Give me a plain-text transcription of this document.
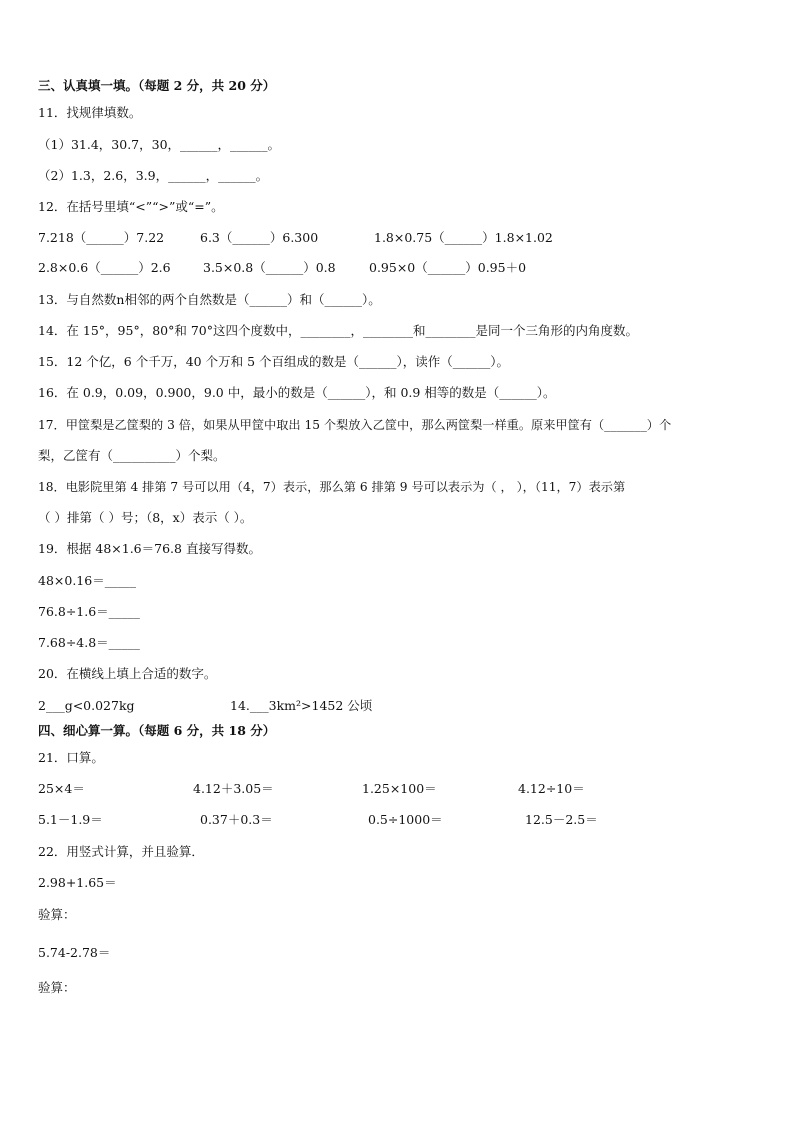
三、认真填一填。（每题 2 分，共 20 分）
11．找规律填数。
（1）31.4，30.7，30，______，______。
（2）1.3，2.6，3.9，______，______。
12．在括号里填“<”“>”或“=”。
7.218（______）7.22	6.3（______）6.300	1.8×0.75（______）1.8×1.02
2.8×0.6（______）2.6	3.5×0.8（______）0.8	0.95×0（______）0.95＋0
13．与自然数n相邻的两个自然数是（______）和（______）。
14．在 15°，95°，80°和 70°这四个度数中，________，________和________是同一个三角形的内角度数。
15．12 个亿，6 个千万，40 个万和 5 个百组成的数是（______），读作（______）。
16．在 0.9，0.09，0.900，9.0 中，最小的数是（______），和 0.9 相等的数是（______）。
17．甲筐梨是乙筐梨的 3 倍，如果从甲筐中取出 15 个梨放入乙筐中，那么两筐梨一样重。原来甲筐有（_______）个
梨，乙筐有（__________）个梨。
18．电影院里第 4 排第 7 号可以用（4，7）表示，那么第 6 排第 9 号可以表示为（ ， ），（11，7）表示第
（ ）排第（ ）号；（8，x）表示（ ）。
19．根据 48×1.6＝76.8 直接写得数。
48×0.16＝_____
76.8÷1.6＝_____
7.68÷4.8＝_____
20．在横线上填上合适的数字。
2___g<0.027kg	14.___3km²>1452 公顷
四、细心算一算。（每题 6 分，共 18 分）
21．口算。
25×4＝	4.12＋3.05＝	1.25×100＝	4.12÷10＝
5.1－1.9＝	0.37＋0.3＝	0.5÷1000＝	12.5－2.5＝
22．用竖式计算，并且验算．
2.98+1.65＝
验算：
5.74-2.78＝
验算：
